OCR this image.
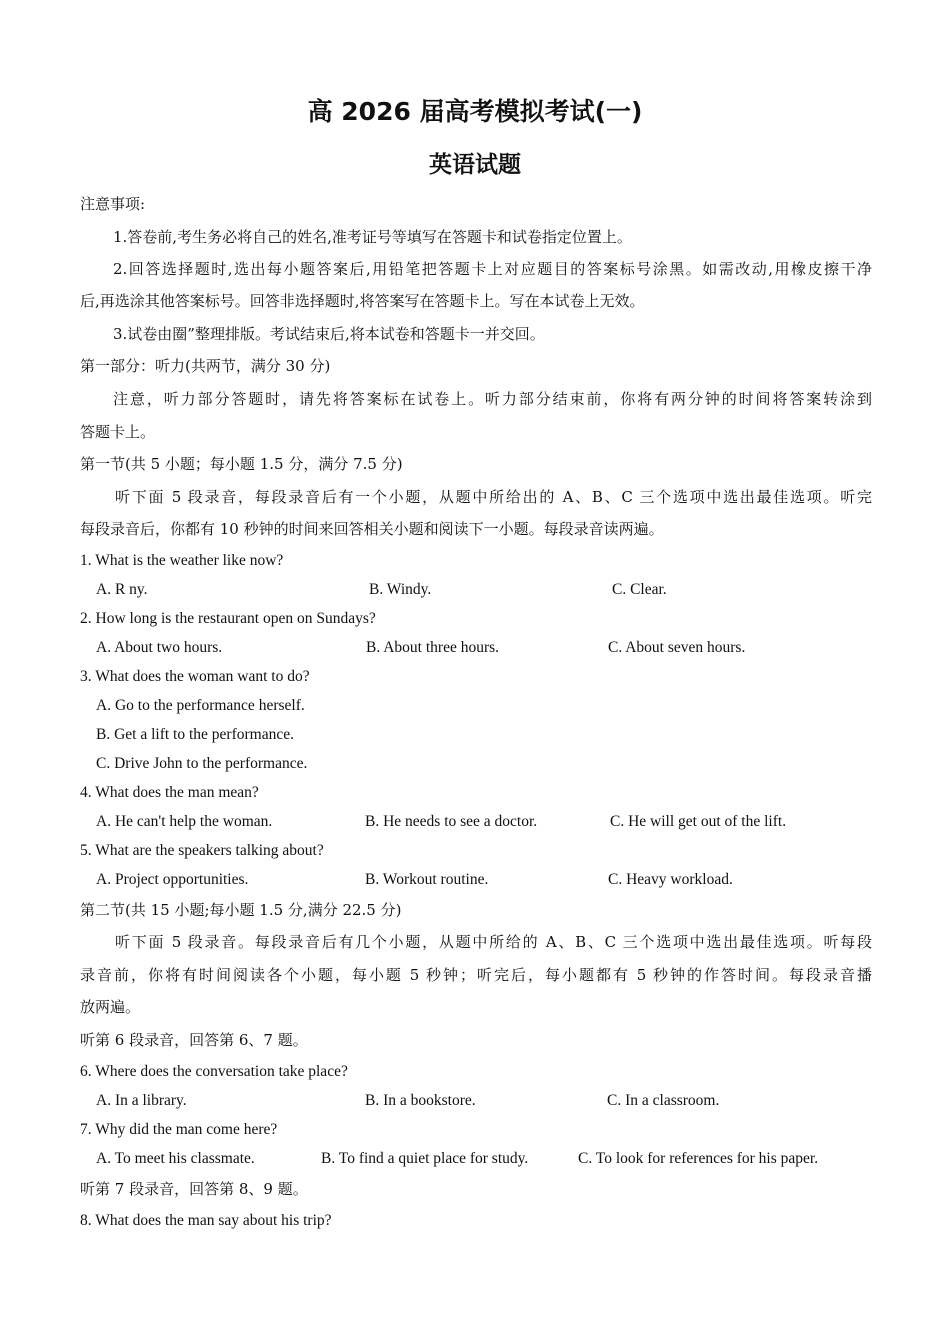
高 2026 届高考模拟考试(一)
英语试题
注意事项:
1.答卷前,考生务必将自己的姓名,准考证号等填写在答题卡和试卷指定位置上。
2.回答选择题时,选出每小题答案后,用铅笔把答题卡上对应题目的答案标号涂黑。如需改动,用橡皮擦干净
后,再选涂其他答案标号。回答非选择题时,将答案写在答题卡上。写在本试卷上无效。
3.试卷由圈”整理排版。考试结束后,将本试卷和答题卡一并交回。
第一部分：听力(共两节，满分 30 分)
注意，听力部分答题时，请先将答案标在试卷上。听力部分结束前，你将有两分钟的时间将答案转涂到
答题卡上。
第一节(共 5 小题；每小题 1.5 分，满分 7.5 分)
听下面 5 段录音，每段录音后有一个小题，从题中所给出的 A、B、C 三个选项中选出最佳选项。听完
每段录音后，你都有 10 秒钟的时间来回答相关小题和阅读下一小题。每段录音读两遍。
1. What is the weather like now?
A. R ny.	B. Windy.	C. Clear.
2. How long is the restaurant open on Sundays?
A. About two hours.	B. About three hours.	C. About seven hours.
3. What does the woman want to do?
A. Go to the performance herself.
B. Get a lift to the performance.
C. Drive John to the performance.
4. What does the man mean?
A. He can't help the woman.	B. He needs to see a doctor.	C. He will get out of the lift.
5. What are the speakers talking about?
A. Project opportunities.	B. Workout routine.	C. Heavy workload.
第二节(共 15 小题;每小题 1.5 分,满分 22.5 分)
听下面 5 段录音。每段录音后有几个小题，从题中所给的 A、B、C 三个选项中选出最佳选项。听每段
录音前，你将有时间阅读各个小题，每小题 5 秒钟；听完后，每小题都有 5 秒钟的作答时间。每段录音播
放两遍。
听第 6 段录音，回答第 6、7 题。
6. Where does the conversation take place?
A. In a library.	B. In a bookstore.	C. In a classroom.
7. Why did the man come here?
A. To meet his classmate.	B. To find a quiet place for study.	C. To look for references for his paper.
听第 7 段录音，回答第 8、9 题。
8. What does the man say about his trip?
